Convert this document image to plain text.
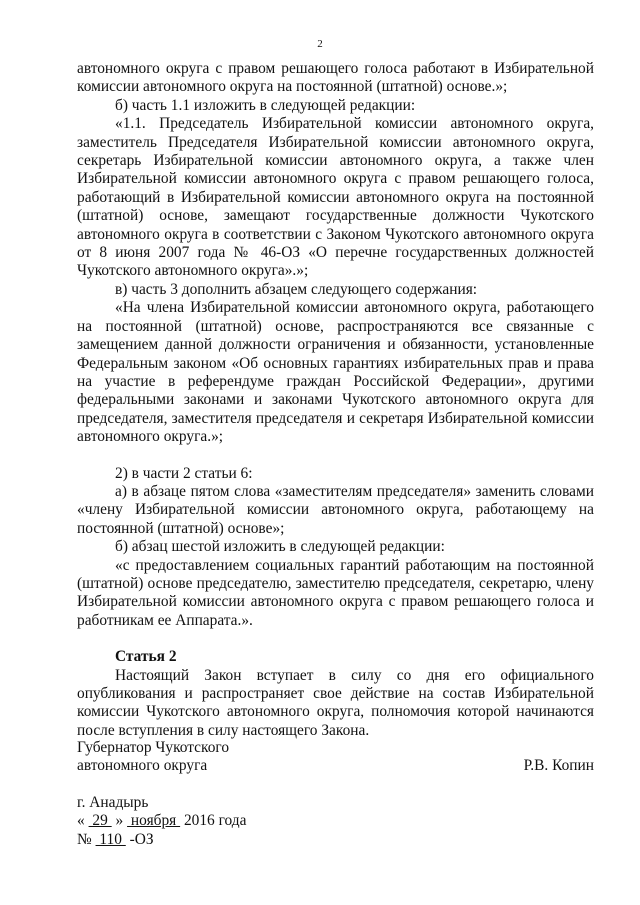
2

автономного округа с правом решающего голоса работают в Избирательной комиссии автономного округа на постоянной (штатной) основе.»;

б) часть 1.1 изложить в следующей редакции:

«1.1. Председатель Избирательной комиссии автономного округа, заместитель Председателя Избирательной комиссии автономного округа, секретарь Избирательной комиссии автономного округа, а также член Избирательной комиссии автономного округа с правом решающего голоса, работающий в Избирательной комиссии автономного округа на постоянной (штатной) основе, замещают государственные должности Чукотского автономного округа в соответствии с Законом Чукотского автономного округа от 8 июня 2007 года № 46-ОЗ «О перечне государственных должностей Чукотского автономного округа».»;

в) часть 3 дополнить абзацем следующего содержания:

«На члена Избирательной комиссии автономного округа, работающего на постоянной (штатной) основе, распространяются все связанные с замещением данной должности ограничения и обязанности, установленные Федеральным законом «Об основных гарантиях избирательных прав и права на участие в референдуме граждан Российской Федерации», другими федеральными законами и законами Чукотского автономного округа для председателя, заместителя председателя и секретаря Избирательной комиссии автономного округа.»;

2) в части 2 статьи 6:

а) в абзаце пятом слова «заместителям председателя» заменить словами «члену Избирательной комиссии автономного округа, работающему на постоянной (штатной) основе»;

б) абзац шестой изложить в следующей редакции:

«с предоставлением социальных гарантий работающим на постоянной (штатной) основе председателю, заместителю председателя, секретарю, члену Избирательной комиссии автономного округа с правом решающего голоса и работникам ее Аппарата.».

Статья 2

Настоящий Закон вступает в силу со дня его официального опубликования и распространяет свое действие на состав Избирательной комиссии Чукотского автономного округа, полномочия которой начинаются после вступления в силу настоящего Закона.

Губернатор Чукотского
автономного округа	Р.В. Копин
г. Анадырь
«  29  »  ноября  2016 года
№  110  -ОЗ
